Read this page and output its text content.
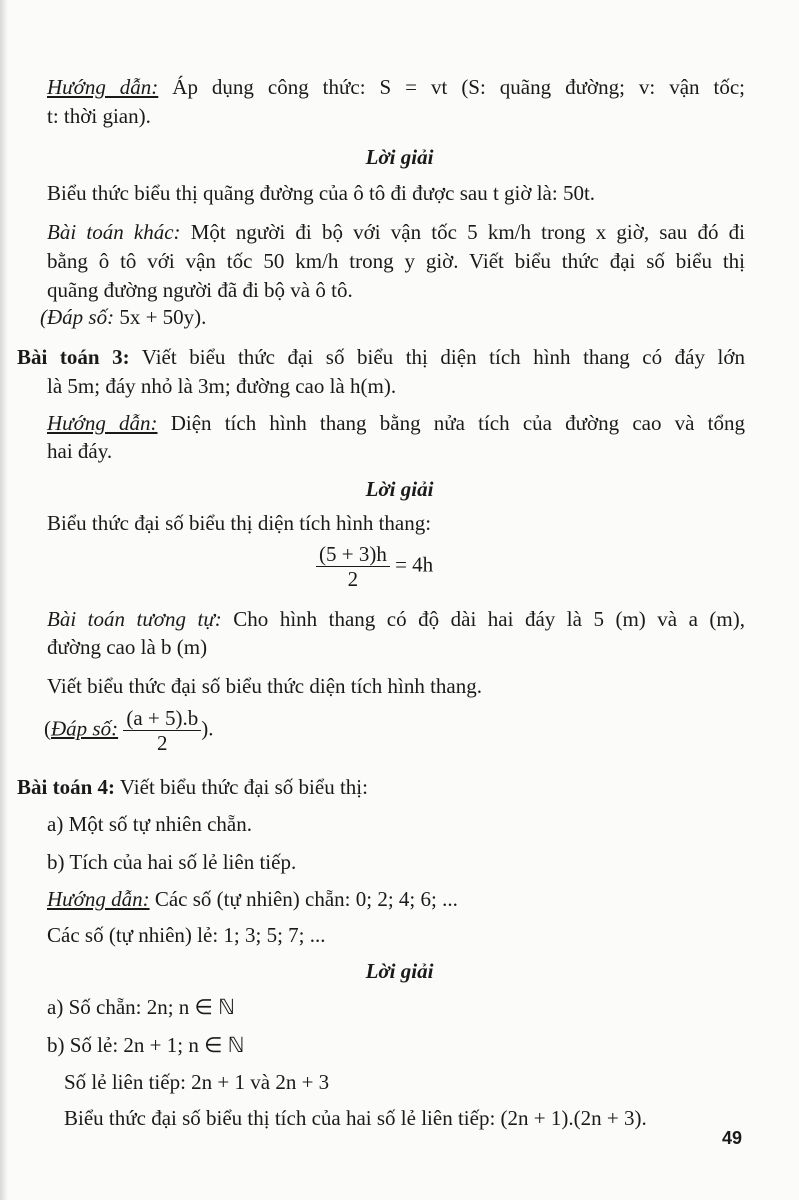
Hướng dẫn: Áp dụng công thức: S = vt (S: quãng đường; v: vận tốc;
t: thời gian).
Lời giải
Biểu thức biểu thị quãng đường của ô tô đi được sau t giờ là: 50t.
Bài toán khác: Một người đi bộ với vận tốc 5 km/h trong x giờ, sau đó đi
bằng ô tô với vận tốc 50 km/h trong y giờ. Viết biểu thức đại số biểu thị
quãng đường người đã đi bộ và ô tô.
(Đáp số: 5x + 50y).
Bài toán 3: Viết biểu thức đại số biểu thị diện tích hình thang có đáy lớn
là 5m; đáy nhỏ là 3m; đường cao là h(m).
Hướng dẫn: Diện tích hình thang bằng nửa tích của đường cao và tổng
hai đáy.
Lời giải
Biểu thức đại số biểu thị diện tích hình thang:
$\frac{(5 + 3)h}{2} = 4h$
Bài toán tương tự: Cho hình thang có độ dài hai đáy là 5 (m) và a (m),
đường cao là b (m)
Viết biểu thức đại số biểu thức diện tích hình thang.
(Đáp số: $\frac{(a + 5).b}{2}$ ).
Bài toán 4: Viết biểu thức đại số biểu thị:
a) Một số tự nhiên chẵn.
b) Tích của hai số lẻ liên tiếp.
Hướng dẫn: Các số (tự nhiên) chẵn: 0; 2; 4; 6; ...
Các số (tự nhiên) lẻ: 1; 3; 5; 7; ...
Lời giải
a) Số chẵn: 2n; n ∈ ℕ
b) Số lẻ: 2n + 1; n ∈ ℕ
Số lẻ liên tiếp: 2n + 1 và 2n + 3
Biểu thức đại số biểu thị tích của hai số lẻ liên tiếp: (2n + 1).(2n + 3).
49
